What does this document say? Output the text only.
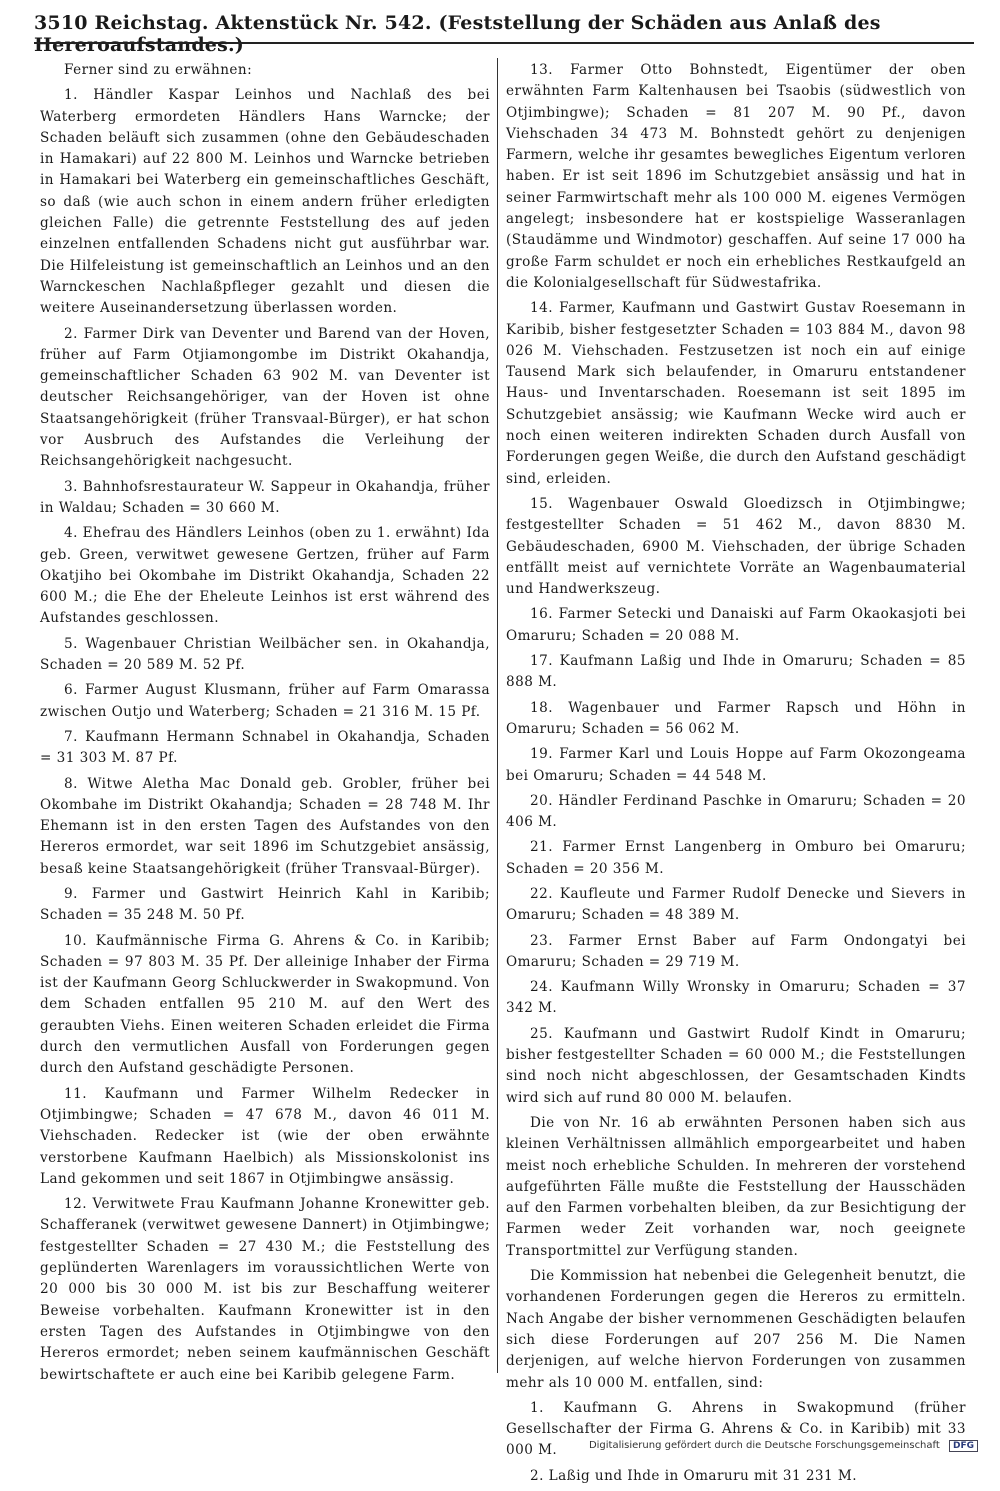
3510 Reichstag. Aktenstück Nr. 542. (Feststellung der Schäden aus Anlaß des Hereroaufstandes.)

Ferner sind zu erwähnen:

1. Händler Kaspar Leinhos und Nachlaß des bei Waterberg ermordeten Händlers Hans Warncke; der Schaden beläuft sich zusammen (ohne den Gebäudeschaden in Hamakari) auf 22 800 M. Leinhos und Warncke betrieben in Hamakari bei Waterberg ein gemeinschaftliches Geschäft, so daß (wie auch schon in einem andern früher erledigten gleichen Falle) die getrennte Feststellung des auf jeden einzelnen entfallenden Schadens nicht gut ausführbar war. Die Hilfeleistung ist gemeinschaftlich an Leinhos und an den Warnckeschen Nachlaßpfleger gezahlt und diesen die weitere Auseinandersetzung überlassen worden.

2. Farmer Dirk van Deventer und Barend van der Hoven, früher auf Farm Otjiamongombe im Distrikt Okahandja, gemeinschaftlicher Schaden 63 902 M. van Deventer ist deutscher Reichsangehöriger, van der Hoven ist ohne Staatsangehörigkeit (früher Transvaal-Bürger), er hat schon vor Ausbruch des Aufstandes die Verleihung der Reichsangehörigkeit nachgesucht.

3. Bahnhofsrestaurateur W. Sappeur in Okahandja, früher in Waldau; Schaden = 30 660 M.

4. Ehefrau des Händlers Leinhos (oben zu 1. erwähnt) Ida geb. Green, verwitwet gewesene Gertzen, früher auf Farm Okatjiho bei Okombahe im Distrikt Okahandja, Schaden 22 600 M.; die Ehe der Eheleute Leinhos ist erst während des Aufstandes geschlossen.

5. Wagenbauer Christian Weilbächer sen. in Okahandja, Schaden = 20 589 M. 52 Pf.

6. Farmer August Klusmann, früher auf Farm Omarassa zwischen Outjo und Waterberg; Schaden = 21 316 M. 15 Pf.

7. Kaufmann Hermann Schnabel in Okahandja, Schaden = 31 303 M. 87 Pf.

8. Witwe Aletha Mac Donald geb. Grobler, früher bei Okombahe im Distrikt Okahandja; Schaden = 28 748 M. Ihr Ehemann ist in den ersten Tagen des Aufstandes von den Hereros ermordet, war seit 1896 im Schutzgebiet ansässig, besaß keine Staatsangehörigkeit (früher Transvaal-Bürger).

9. Farmer und Gastwirt Heinrich Kahl in Karibib; Schaden = 35 248 M. 50 Pf.

10. Kaufmännische Firma G. Ahrens & Co. in Karibib; Schaden = 97 803 M. 35 Pf. Der alleinige Inhaber der Firma ist der Kaufmann Georg Schluckwerder in Swakopmund. Von dem Schaden entfallen 95 210 M. auf den Wert des geraubten Viehs. Einen weiteren Schaden erleidet die Firma durch den vermutlichen Ausfall von Forderungen gegen durch den Aufstand geschädigte Personen.

11. Kaufmann und Farmer Wilhelm Redecker in Otjimbingwe; Schaden = 47 678 M., davon 46 011 M. Viehschaden. Redecker ist (wie der oben erwähnte verstorbene Kaufmann Haelbich) als Missionskolonist ins Land gekommen und seit 1867 in Otjimbingwe ansässig.

12. Verwitwete Frau Kaufmann Johanne Kronewitter geb. Schafferanek (verwitwet gewesene Dannert) in Otjimbingwe; festgestellter Schaden = 27 430 M.; die Feststellung des geplünderten Warenlagers im voraussichtlichen Werte von 20 000 bis 30 000 M. ist bis zur Beschaffung weiterer Beweise vorbehalten. Kaufmann Kronewitter ist in den ersten Tagen des Aufstandes in Otjimbingwe von den Hereros ermordet; neben seinem kaufmännischen Geschäft bewirtschaftete er auch eine bei Karibib gelegene Farm.

13. Farmer Otto Bohnstedt, Eigentümer der oben erwähnten Farm Kaltenhausen bei Tsaobis (südwestlich von Otjimbingwe); Schaden = 81 207 M. 90 Pf., davon Viehschaden 34 473 M. Bohnstedt gehört zu denjenigen Farmern, welche ihr gesamtes bewegliches Eigentum verloren haben. Er ist seit 1896 im Schutzgebiet ansässig und hat in seiner Farmwirtschaft mehr als 100 000 M. eigenes Vermögen angelegt; insbesondere hat er kostspielige Wasseranlagen (Staudämme und Windmotor) geschaffen. Auf seine 17 000 ha große Farm schuldet er noch ein erhebliches Restkaufgeld an die Kolonialgesellschaft für Südwestafrika.

14. Farmer, Kaufmann und Gastwirt Gustav Roesemann in Karibib, bisher festgesetzter Schaden = 103 884 M., davon 98 026 M. Viehschaden. Festzusetzen ist noch ein auf einige Tausend Mark sich belaufender, in Omaruru entstandener Haus- und Inventarschaden. Roesemann ist seit 1895 im Schutzgebiet ansässig; wie Kaufmann Wecke wird auch er noch einen weiteren indirekten Schaden durch Ausfall von Forderungen gegen Weiße, die durch den Aufstand geschädigt sind, erleiden.

15. Wagenbauer Oswald Gloedizsch in Otjimbingwe; festgestellter Schaden = 51 462 M., davon 8830 M. Gebäudeschaden, 6900 M. Viehschaden, der übrige Schaden entfällt meist auf vernichtete Vorräte an Wagenbaumaterial und Handwerkszeug.

16. Farmer Setecki und Danaiski auf Farm Okaokasjoti bei Omaruru; Schaden = 20 088 M.

17. Kaufmann Laßig und Ihde in Omaruru; Schaden = 85 888 M.

18. Wagenbauer und Farmer Rapsch und Höhn in Omaruru; Schaden = 56 062 M.

19. Farmer Karl und Louis Hoppe auf Farm Okozongeama bei Omaruru; Schaden = 44 548 M.

20. Händler Ferdinand Paschke in Omaruru; Schaden = 20 406 M.

21. Farmer Ernst Langenberg in Omburo bei Omaruru; Schaden = 20 356 M.

22. Kaufleute und Farmer Rudolf Denecke und Sievers in Omaruru; Schaden = 48 389 M.

23. Farmer Ernst Baber auf Farm Ondongatyi bei Omaruru; Schaden = 29 719 M.

24. Kaufmann Willy Wronsky in Omaruru; Schaden = 37 342 M.

25. Kaufmann und Gastwirt Rudolf Kindt in Omaruru; bisher festgestellter Schaden = 60 000 M.; die Feststellungen sind noch nicht abgeschlossen, der Gesamtschaden Kindts wird sich auf rund 80 000 M. belaufen.

Die von Nr. 16 ab erwähnten Personen haben sich aus kleinen Verhältnissen allmählich emporgearbeitet und haben meist noch erhebliche Schulden. In mehreren der vorstehend aufgeführten Fälle mußte die Feststellung der Hausschäden auf den Farmen vorbehalten bleiben, da zur Besichtigung der Farmen weder Zeit vorhanden war, noch geeignete Transportmittel zur Verfügung standen.

Die Kommission hat nebenbei die Gelegenheit benutzt, die vorhandenen Forderungen gegen die Hereros zu ermitteln. Nach Angabe der bisher vernommenen Geschädigten belaufen sich diese Forderungen auf 207 256 M. Die Namen derjenigen, auf welche hiervon Forderungen von zusammen mehr als 10 000 M. entfallen, sind:

1. Kaufmann G. Ahrens in Swakopmund (früher Gesellschafter der Firma G. Ahrens & Co. in Karibib) mit 33 000 M.

2. Laßig und Ihde in Omaruru mit 31 231 M.

Digitalisierung gefördert durch die Deutsche Forschungsgemeinschaft DFG
